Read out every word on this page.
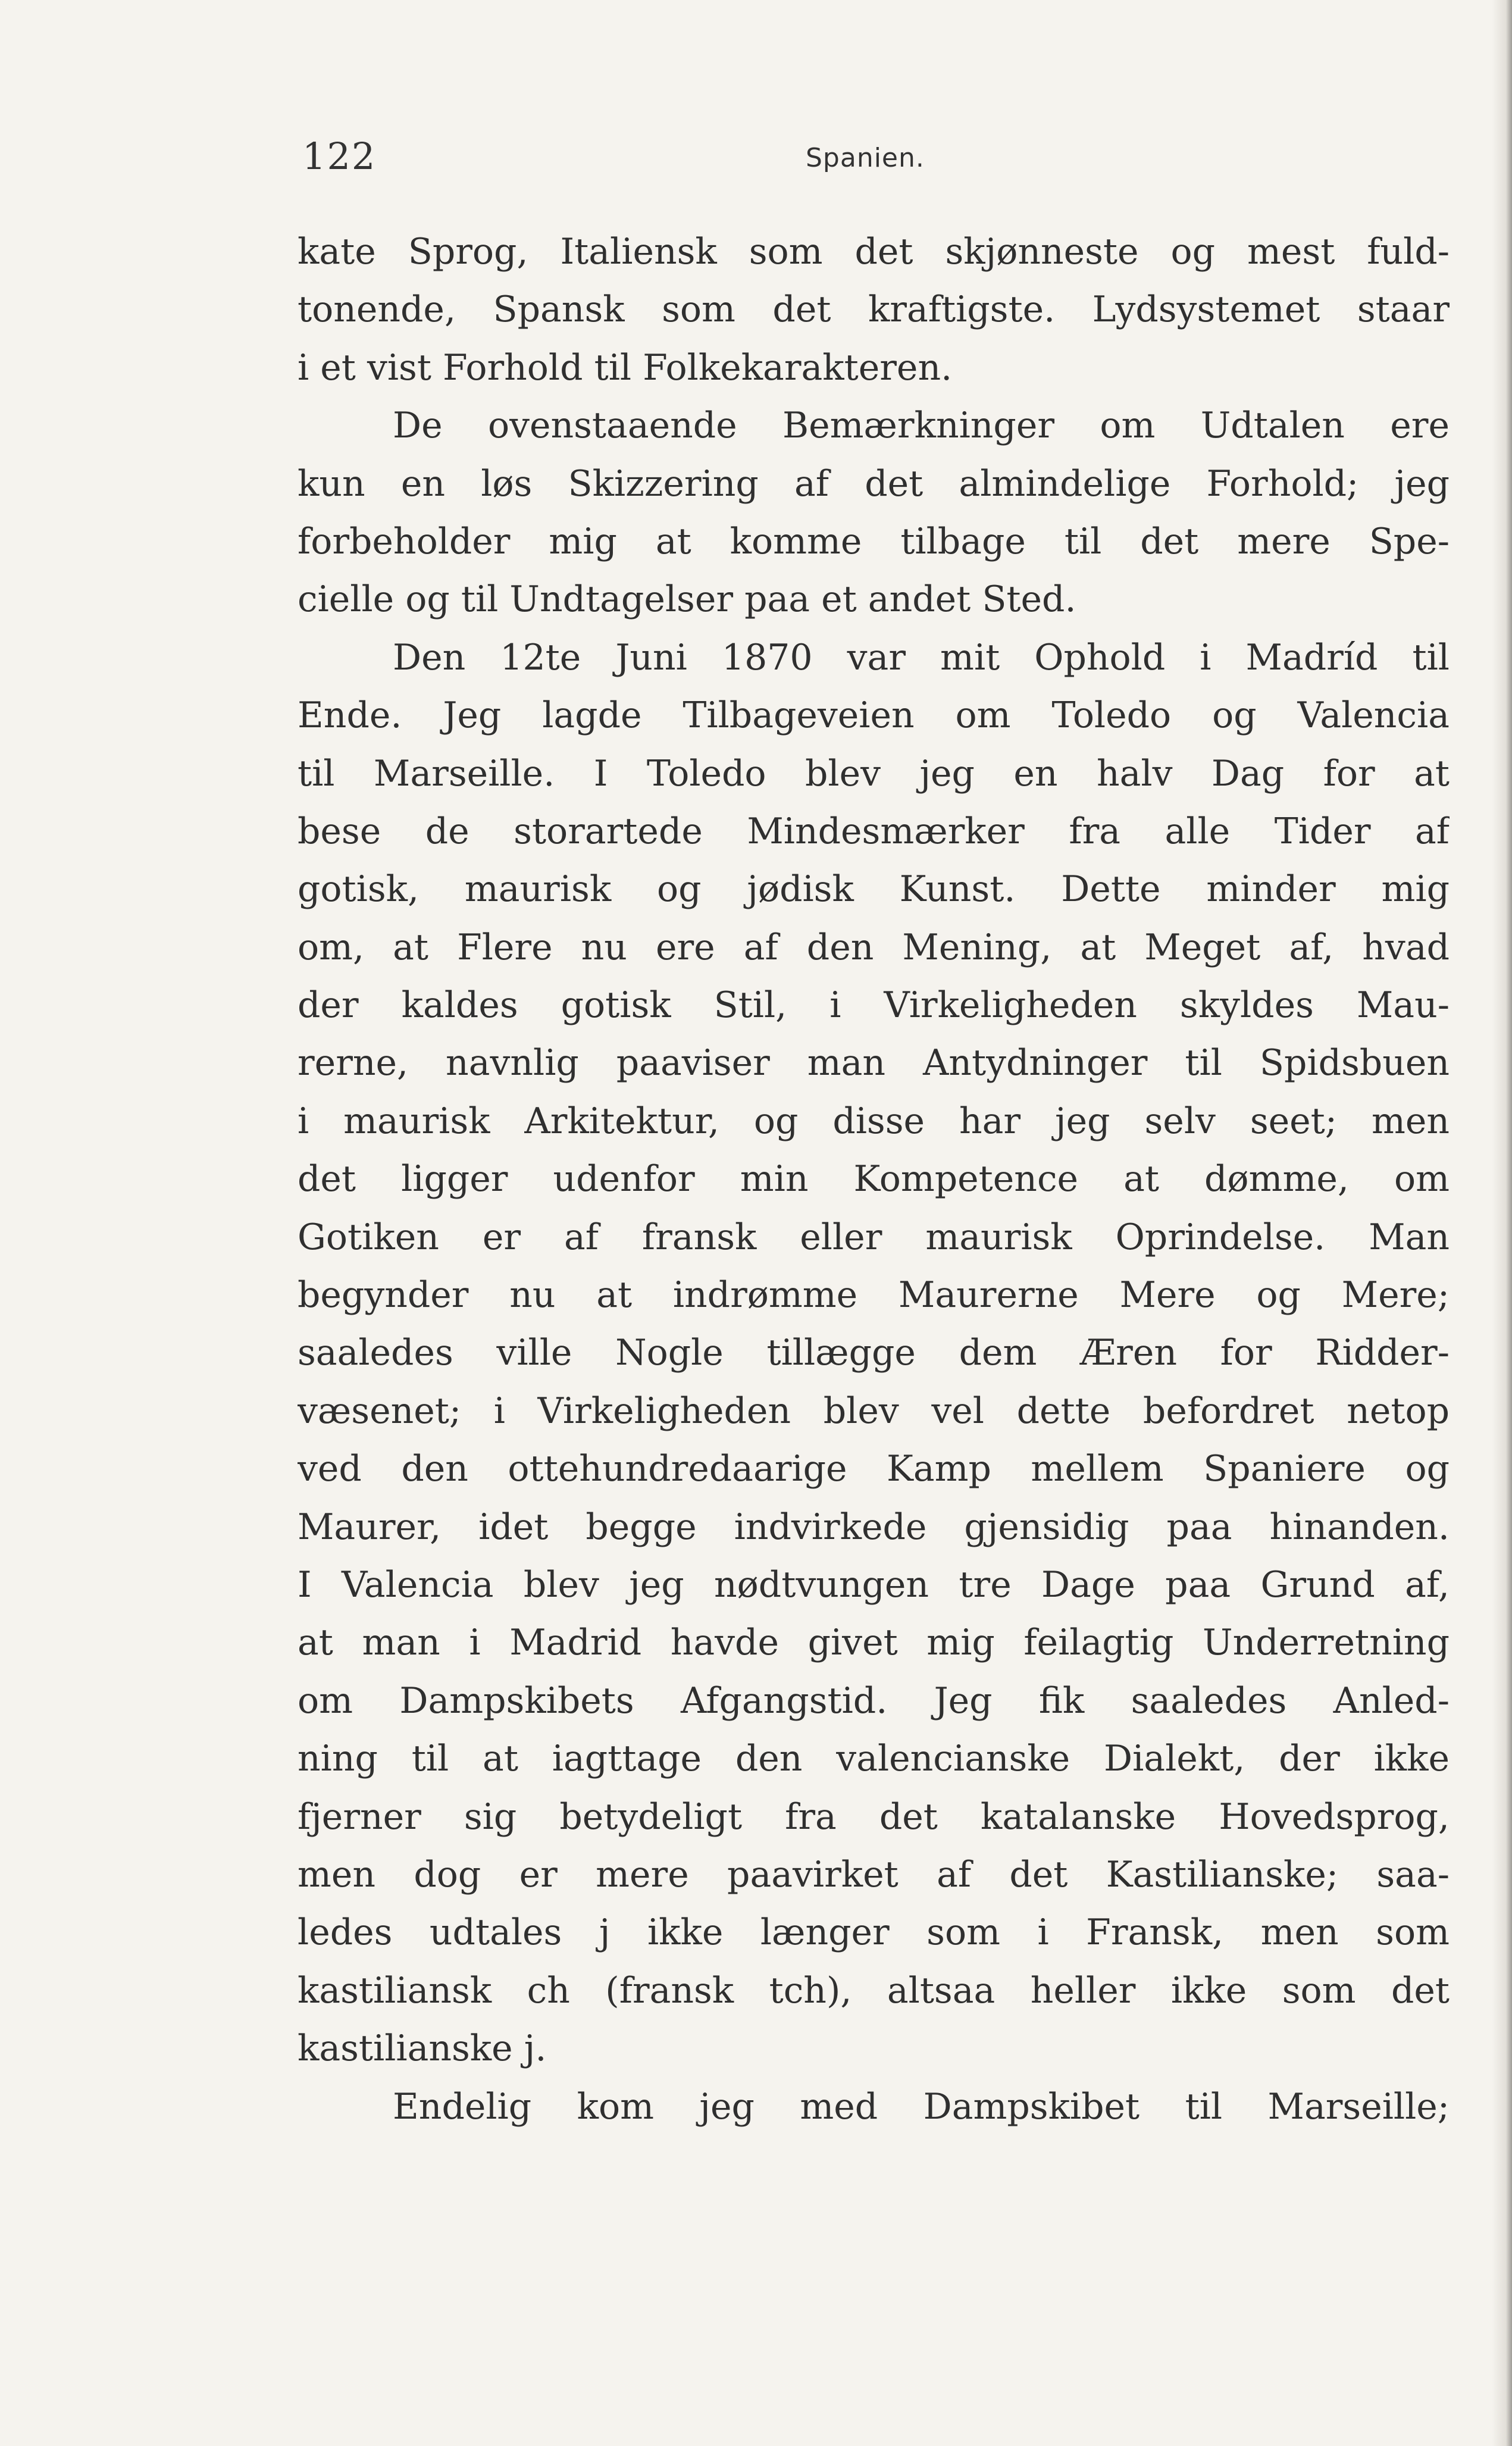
122	Spanien.
kate Sprog, Italiensk som det skjønneste og mest fuld-
tonende, Spansk som det kraftigste. Lydsystemet staar
i et vist Forhold til Folkekarakteren.
De ovenstaaende Bemærkninger om Udtalen ere
kun en løs Skizzering af det almindelige Forhold; jeg
forbeholder mig at komme tilbage til det mere Spe-
cielle og til Undtagelser paa et andet Sted.
Den 12te Juni 1870 var mit Ophold i Madríd til
Ende. Jeg lagde Tilbageveien om Toledo og Valencia
til Marseille. I Toledo blev jeg en halv Dag for at
bese de storartede Mindesmærker fra alle Tider af
gotisk, maurisk og jødisk Kunst. Dette minder mig
om, at Flere nu ere af den Mening, at Meget af, hvad
der kaldes gotisk Stil, i Virkeligheden skyldes Mau-
rerne, navnlig paaviser man Antydninger til Spidsbuen
i maurisk Arkitektur, og disse har jeg selv seet; men
det ligger udenfor min Kompetence at dømme, om
Gotiken er af fransk eller maurisk Oprindelse. Man
begynder nu at indrømme Maurerne Mere og Mere;
saaledes ville Nogle tillægge dem Æren for Ridder-
væsenet; i Virkeligheden blev vel dette befordret netop
ved den ottehundredaarige Kamp mellem Spaniere og
Maurer, idet begge indvirkede gjensidig paa hinanden.
I Valencia blev jeg nødtvungen tre Dage paa Grund af,
at man i Madrid havde givet mig feilagtig Underretning
om Dampskibets Afgangstid. Jeg fik saaledes Anled-
ning til at iagttage den valencianske Dialekt, der ikke
fjerner sig betydeligt fra det katalanske Hovedsprog,
men dog er mere paavirket af det Kastilianske; saa-
ledes udtales j ikke længer som i Fransk, men som
kastiliansk ch (fransk tch), altsaa heller ikke som det
kastilianske j.
Endelig kom jeg med Dampskibet til Marseille;
